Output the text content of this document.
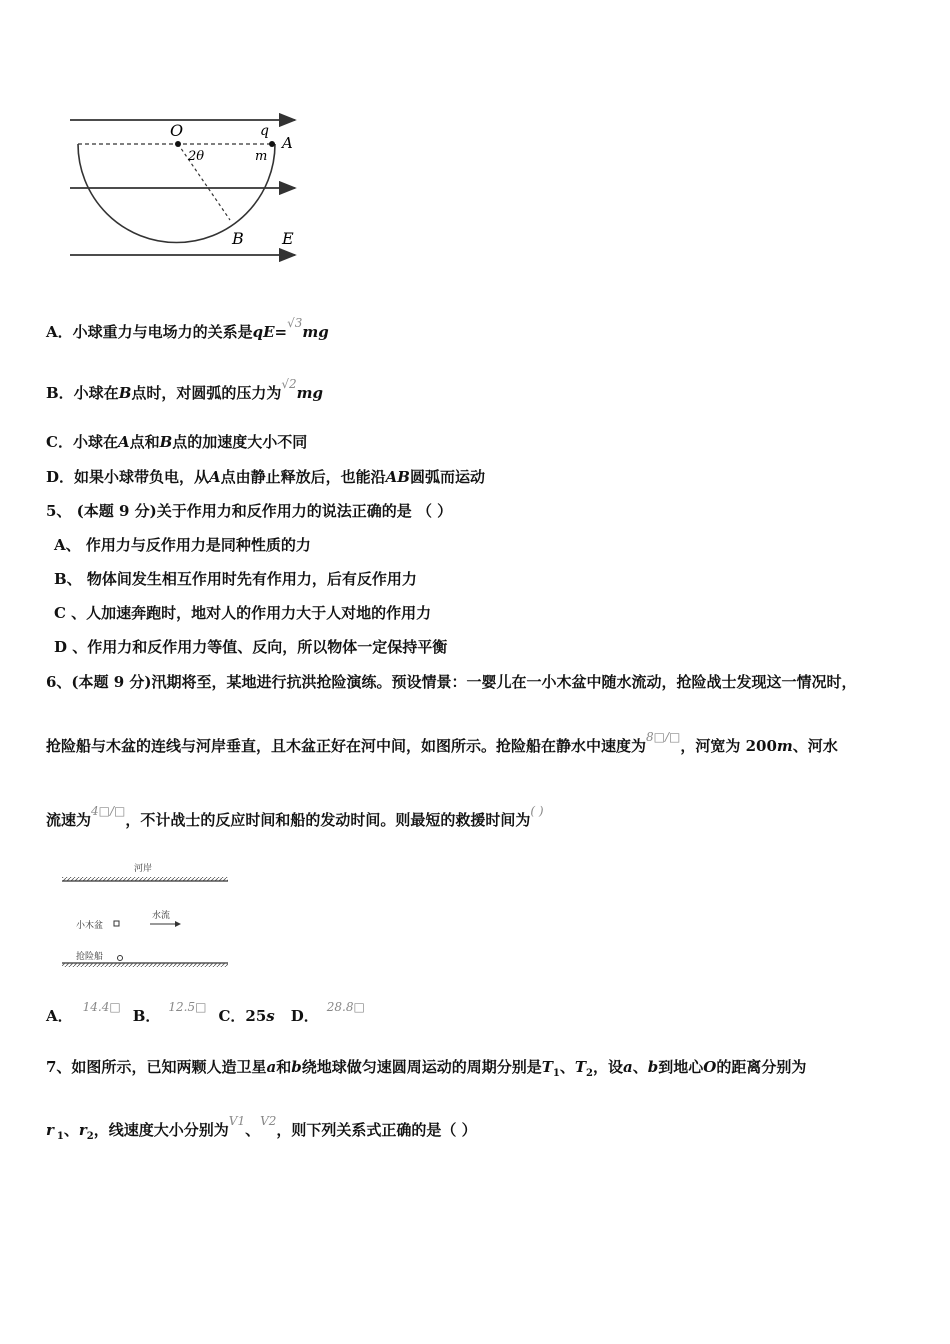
O	q
A
m
2θ
B E
A．小球重力与电场力的关系是qE=$^{√3}$mg
B．小球在B点时，对圆弧的压力为$^{√2}$mg
C．小球在A点和B点的加速度大小不同
D．如果小球带负电，从A点由静止释放后，也能沿AB圆弧而运动
5、 (本题 9 分)关于作用力和反作用力的说法正确的是 （ ）
A、 作用力与反作用力是同种性质的力
B、 物体间发生相互作用时先有作用力，后有反作用力
C 、人加速奔跑时，地对人的作用力大于人对地的作用力
D 、作用力和反作用力等值、反向，所以物体一定保持平衡
6、(本题 9 分)汛期将至，某地进行抗洪抢险演练。预设情景：一婴儿在一小木盆中随水流动，抢险战士发现这一情况时，
抢险船与木盆的连线与河岸垂直，且木盆正好在河中间，如图所示。抢险船在静水中速度为$^{8□/□}$，河宽为 200m、河水
流速为$^{4□/□}$，不计战士的反应时间和船的发动时间。则最短的救援时间为( )
河岸
小木盆
水流
抢险船
A． $^{14.4□}$ B． $^{12.5□}$ C．25s D． $^{28.8□}$
7、如图所示，已知两颗人造卫星a和b绕地球做匀速圆周运动的周期分别是$T_1$、$T_2$，设a、b到地心O的距离分别为
r $_1$、$r_2$，线速度大小分别为$^{V1}$、$^{V2}$，则下列关系式正确的是（ ）
